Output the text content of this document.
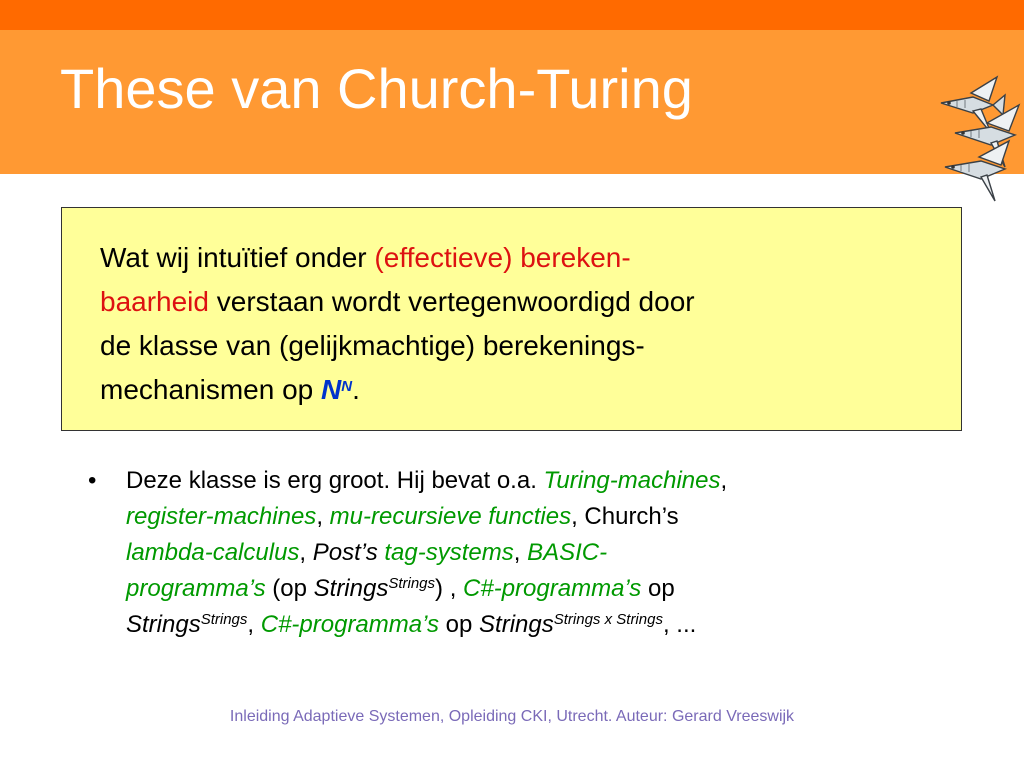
These van Church-Turing
Wat wij intuïtief onder (effectieve) bereken-
baarheid verstaan wordt vertegenwoordigd door
de klasse van (gelijkmachtige) berekenings-
mechanismen op $N^N$.
• Deze klasse is erg groot. Hij bevat o.a. Turing-machines,
register-machines, mu-recursieve functies, Church’s
lambda-calculus, Post’s tag-systems, BASIC-
programma’s (op Strings$^{Strings}$) , C#-programma’s op
Strings$^{Strings}$, C#-programma’s op Strings$^{Strings x Strings}$, ...
Inleiding Adaptieve Systemen, Opleiding CKI, Utrecht. Auteur: Gerard Vreeswijk
